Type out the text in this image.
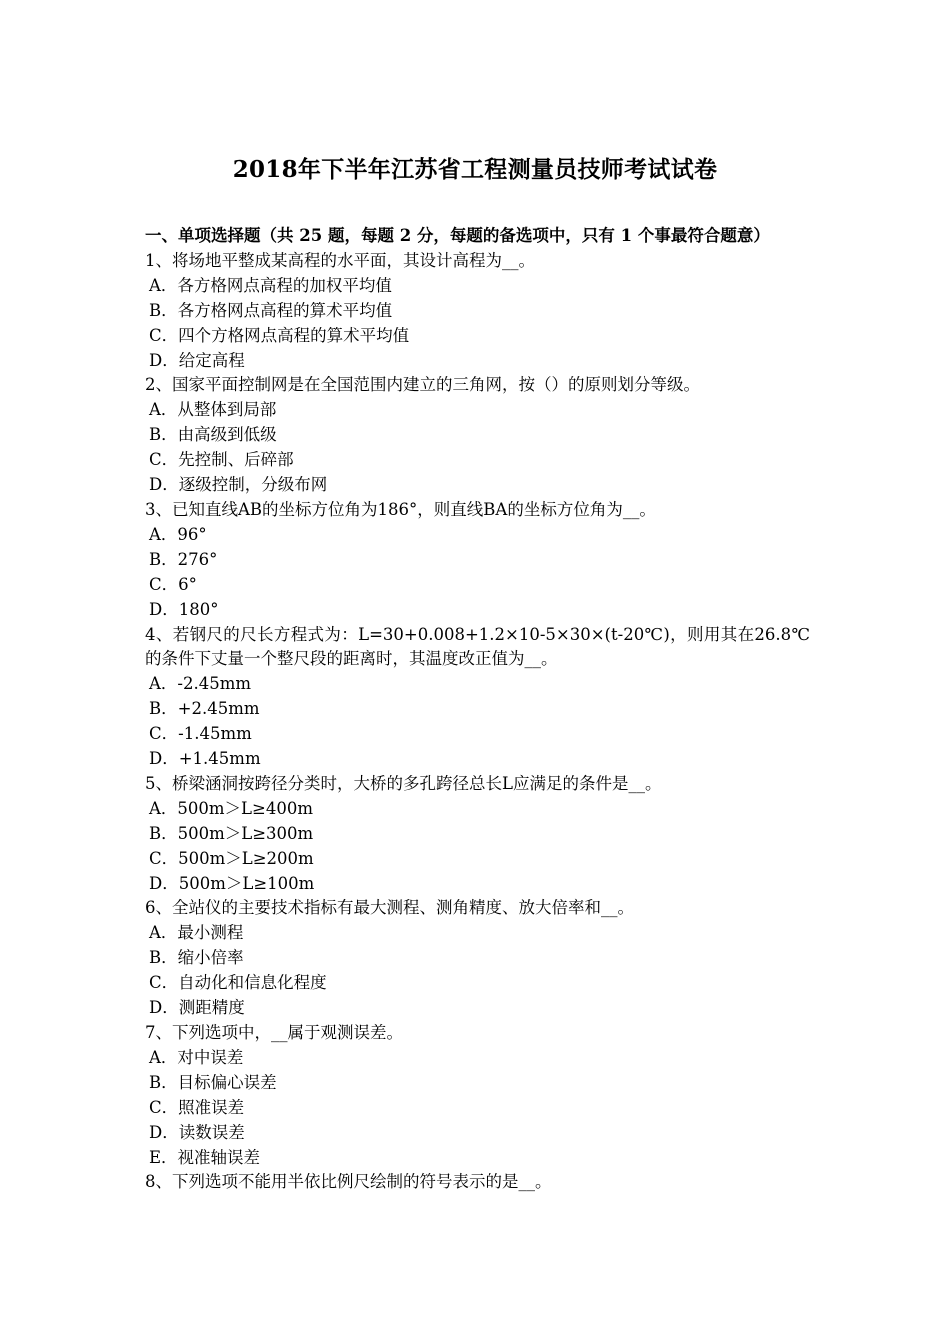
2018年下半年江苏省工程测量员技师考试试卷
一、单项选择题（共 25 题，每题 2 分，每题的备选项中，只有 1 个事最符合题意）
1、将场地平整成某高程的水平面，其设计高程为__。
A．各方格网点高程的加权平均值
B．各方格网点高程的算术平均值
C．四个方格网点高程的算术平均值
D．给定高程
2、国家平面控制网是在全国范围内建立的三角网，按（）的原则划分等级。
A．从整体到局部
B．由高级到低级
C．先控制、后碎部
D．逐级控制，分级布网
3、已知直线AB的坐标方位角为186°，则直线BA的坐标方位角为__。
A．96°
B．276°
C．6°
D．180°
4、若钢尺的尺长方程式为：L=30+0.008+1.2×10-5×30×(t-20℃)，则用其在26.8℃的条件下丈量一个整尺段的距离时，其温度改正值为__。
A．-2.45mm
B．+2.45mm
C．-1.45mm
D．+1.45mm
5、桥梁涵洞按跨径分类时，大桥的多孔跨径总长L应满足的条件是__。
A．500m＞L≥400m
B．500m＞L≥300m
C．500m＞L≥200m
D．500m＞L≥100m
6、全站仪的主要技术指标有最大测程、测角精度、放大倍率和__。
A．最小测程
B．缩小倍率
C．自动化和信息化程度
D．测距精度
7、下列选项中，__属于观测误差。
A．对中误差
B．目标偏心误差
C．照准误差
D．读数误差
E．视准轴误差
8、下列选项不能用半依比例尺绘制的符号表示的是__。
